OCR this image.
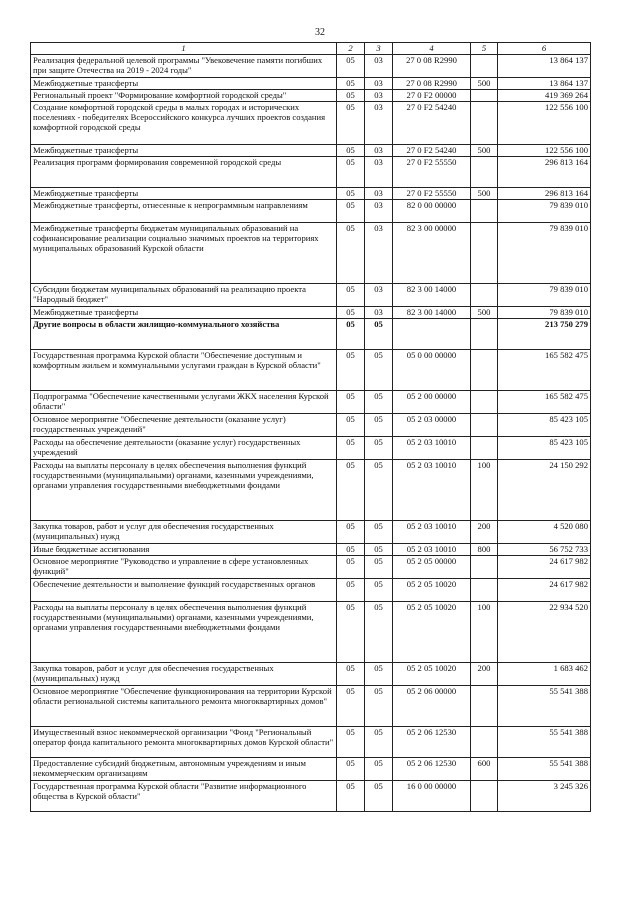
32
1	2	3	4	5	6
Реализация федеральной целевой программы "Увековечение памяти погибших при защите Отечества на 2019 - 2024 годы"	05	03	27 0 08 R2990		13 864 137
Межбюджетные трансферты	05	03	27 0 08 R2990	500	13 864 137
Региональный проект "Формирование комфортной городской среды"	05	03	27 0 F2 00000		419 369 264
Создание комфортной городской среды в малых городах и исторических поселениях - победителях Всероссийского конкурса лучших проектов создания комфортной городской среды	05	03	27 0 F2 54240		122 556 100
Межбюджетные трансферты	05	03	27 0 F2 54240	500	122 556 100
Реализация программ формирования современной городской среды	05	03	27 0 F2 55550		296 813 164
Межбюджетные трансферты	05	03	27 0 F2 55550	500	296 813 164
Межбюджетные трансферты, отнесенные к непрограммным направлениям	05	03	82 0 00 00000		79 839 010
Межбюджетные трансферты бюджетам муниципальных образований на софинансирование реализации социально значимых проектов на территориях муниципальных образований Курской области	05	03	82 3 00 00000		79 839 010
Субсидии бюджетам муниципальных образований на реализацию проекта "Народный бюджет"	05	03	82 3 00 14000		79 839 010
Межбюджетные трансферты	05	03	82 3 00 14000	500	79 839 010
Другие вопросы в области жилищно-коммунального хозяйства	05	05			213 750 279
Государственная программа Курской области "Обеспечение доступным и комфортным жильем и коммунальными услугами граждан в Курской области"	05	05	05 0 00 00000		165 582 475
Подпрограмма "Обеспечение качественными услугами ЖКХ населения Курской области"	05	05	05 2 00 00000		165 582 475
Основное мероприятие "Обеспечение деятельности (оказание услуг) государственных учреждений"	05	05	05 2 03 00000		85 423 105
Расходы на обеспечение деятельности (оказание услуг) государственных учреждений	05	05	05 2 03 10010		85 423 105
Расходы на выплаты персоналу в целях обеспечения выполнения функций государственными (муниципальными) органами, казенными учреждениями, органами управления государственными внебюджетными фондами	05	05	05 2 03 10010	100	24 150 292
Закупка товаров, работ и услуг для обеспечения государственных (муниципальных) нужд	05	05	05 2 03 10010	200	4 520 080
Иные бюджетные ассигнования	05	05	05 2 03 10010	800	56 752 733
Основное мероприятие "Руководство и управление в сфере установленных функций"	05	05	05 2 05 00000		24 617 982
Обеспечение деятельности и выполнение функций государственных органов	05	05	05 2 05 10020		24 617 982
Расходы на выплаты персоналу в целях обеспечения выполнения функций государственными (муниципальными) органами, казенными учреждениями, органами управления государственными внебюджетными фондами	05	05	05 2 05 10020	100	22 934 520
Закупка товаров, работ и услуг для обеспечения государственных (муниципальных) нужд	05	05	05 2 05 10020	200	1 683 462
Основное мероприятие "Обеспечение функционирования на территории Курской области региональной системы капитального ремонта многоквартирных домов"	05	05	05 2 06 00000		55 541 388
Имущественный взнос некоммерческой организации "Фонд "Региональный оператор фонда капитального ремонта многоквартирных домов Курской области"	05	05	05 2 06 12530		55 541 388
Предоставление субсидий бюджетным, автономным учреждениям и иным некоммерческим организациям	05	05	05 2 06 12530	600	55 541 388
Государственная программа Курской области "Развитие информационного общества в Курской области"	05	05	16 0 00 00000		3 245 326
